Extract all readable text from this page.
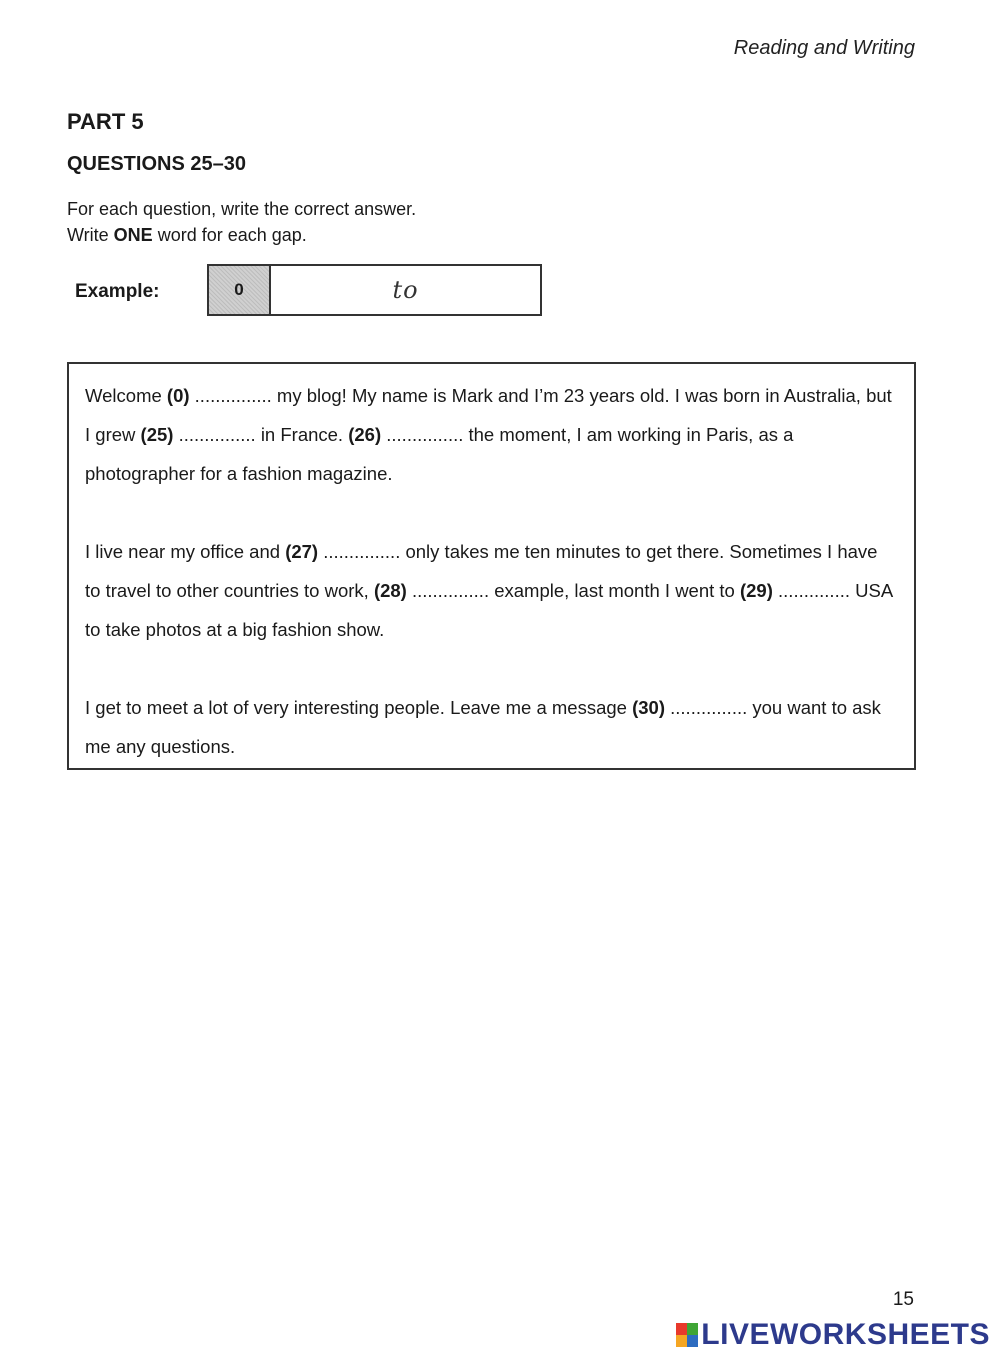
Reading and Writing
PART 5
QUESTIONS 25–30
For each question, write the correct answer.
Write ONE word for each gap.
Example:	0	to

Welcome (0) ............... my blog! My name is Mark and I’m 23 years old. I was born in Australia, but I grew (25) ............... in France. (26) ............... the moment, I am working in Paris, as a photographer for a fashion magazine.

I live near my office and (27) ............... only takes me ten minutes to get there. Sometimes I have to travel to other countries to work, (28) ............... example, last month I went to (29) .............. USA to take photos at a big fashion show.

I get to meet a lot of very interesting people. Leave me a message (30) ............... you want to ask me any questions.

15
LIVEWORKSHEETS
